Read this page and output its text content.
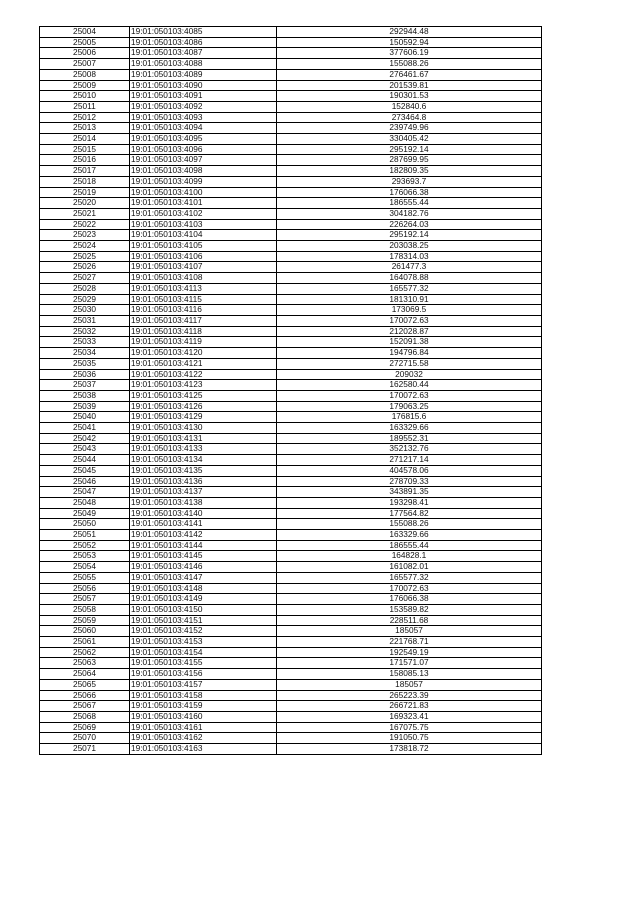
25004	19:01:050103:4085	292944.48
25005	19:01:050103:4086	150592.94
25006	19:01:050103:4087	377606.19
25007	19:01:050103:4088	155088.26
25008	19:01:050103:4089	276461.67
25009	19:01:050103:4090	201539.81
25010	19:01:050103:4091	190301.53
25011	19:01:050103:4092	152840.6
25012	19:01:050103:4093	273464.8
25013	19:01:050103:4094	239749.96
25014	19:01:050103:4095	330405.42
25015	19:01:050103:4096	295192.14
25016	19:01:050103:4097	287699.95
25017	19:01:050103:4098	182809.35
25018	19:01:050103:4099	293693.7
25019	19:01:050103:4100	176066.38
25020	19:01:050103:4101	186555.44
25021	19:01:050103:4102	304182.76
25022	19:01:050103:4103	226264.03
25023	19:01:050103:4104	295192.14
25024	19:01:050103:4105	203038.25
25025	19:01:050103:4106	178314.03
25026	19:01:050103:4107	261477.3
25027	19:01:050103:4108	164078.88
25028	19:01:050103:4113	165577.32
25029	19:01:050103:4115	181310.91
25030	19:01:050103:4116	173069.5
25031	19:01:050103:4117	170072.63
25032	19:01:050103:4118	212028.87
25033	19:01:050103:4119	152091.38
25034	19:01:050103:4120	194796.84
25035	19:01:050103:4121	272715.58
25036	19:01:050103:4122	209032
25037	19:01:050103:4123	162580.44
25038	19:01:050103:4125	170072.63
25039	19:01:050103:4126	179063.25
25040	19:01:050103:4129	176815.6
25041	19:01:050103:4130	163329.66
25042	19:01:050103:4131	189552.31
25043	19:01:050103:4133	352132.76
25044	19:01:050103:4134	271217.14
25045	19:01:050103:4135	404578.06
25046	19:01:050103:4136	278709.33
25047	19:01:050103:4137	343891.35
25048	19:01:050103:4138	193298.41
25049	19:01:050103:4140	177564.82
25050	19:01:050103:4141	155088.26
25051	19:01:050103:4142	163329.66
25052	19:01:050103:4144	186555.44
25053	19:01:050103:4145	164828.1
25054	19:01:050103:4146	161082.01
25055	19:01:050103:4147	165577.32
25056	19:01:050103:4148	170072.63
25057	19:01:050103:4149	176066.38
25058	19:01:050103:4150	153589.82
25059	19:01:050103:4151	228511.68
25060	19:01:050103:4152	185057
25061	19:01:050103:4153	221768.71
25062	19:01:050103:4154	192549.19
25063	19:01:050103:4155	171571.07
25064	19:01:050103:4156	158085.13
25065	19:01:050103:4157	185057
25066	19:01:050103:4158	265223.39
25067	19:01:050103:4159	266721.83
25068	19:01:050103:4160	169323.41
25069	19:01:050103:4161	167075.75
25070	19:01:050103:4162	191050.75
25071	19:01:050103:4163	173818.72
